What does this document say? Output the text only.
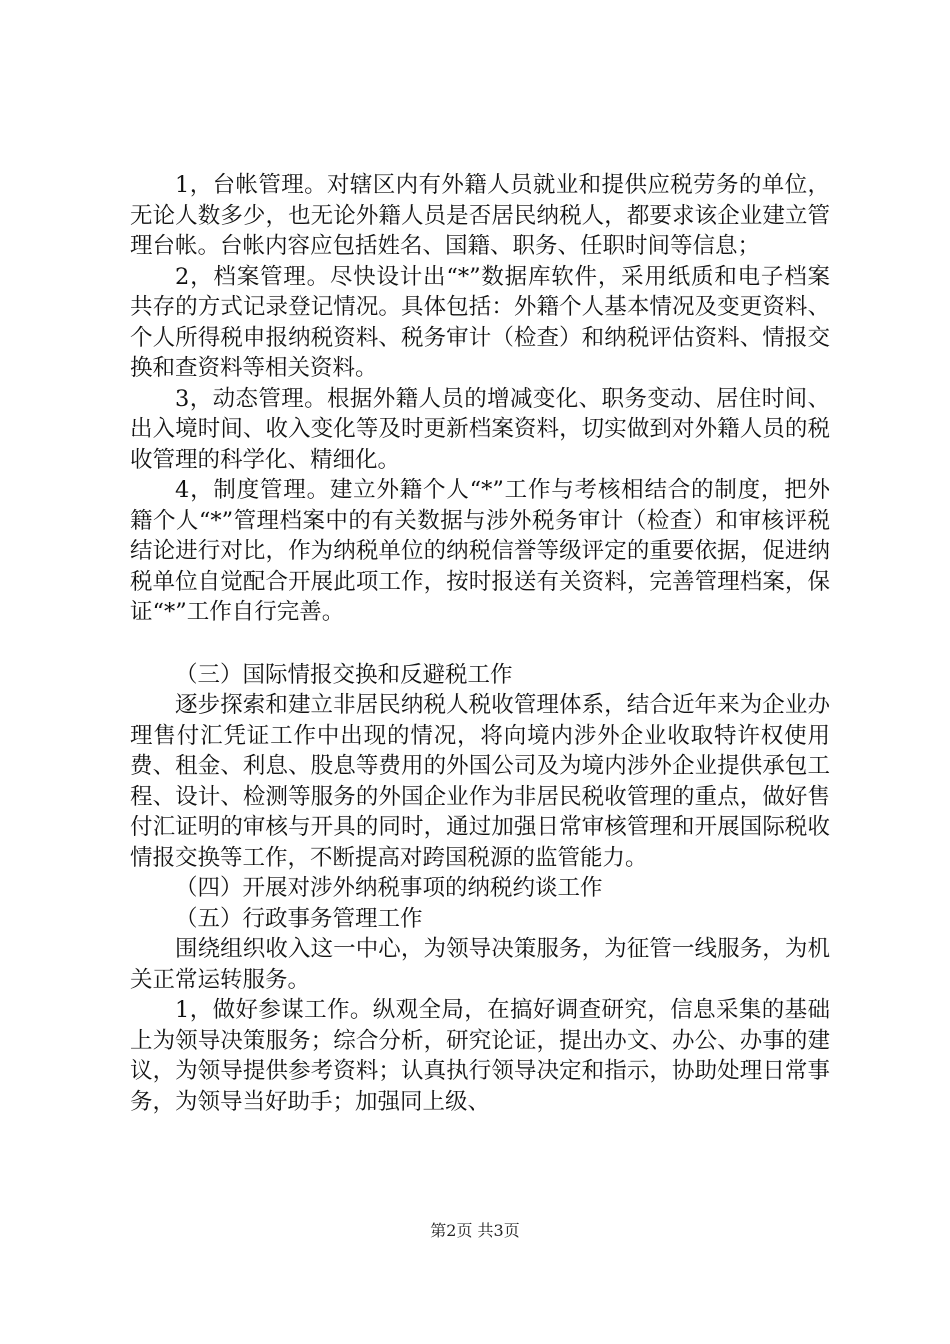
1，台帐管理。对辖区内有外籍人员就业和提供应税劳务的单位，无论人数多少，也无论外籍人员是否居民纳税人，都要求该企业建立管理台帐。台帐内容应包括姓名、国籍、职务、任职时间等信息；

2，档案管理。尽快设计出“*”数据库软件，采用纸质和电子档案共存的方式记录登记情况。具体包括：外籍个人基本情况及变更资料、个人所得税申报纳税资料、税务审计（检查）和纳税评估资料、情报交换和查资料等相关资料。

3，动态管理。根据外籍人员的增减变化、职务变动、居住时间、出入境时间、收入变化等及时更新档案资料，切实做到对外籍人员的税收管理的科学化、精细化。

4，制度管理。建立外籍个人“*”工作与考核相结合的制度，把外籍个人“*”管理档案中的有关数据与涉外税务审计（检查）和审核评税结论进行对比，作为纳税单位的纳税信誉等级评定的重要依据，促进纳税单位自觉配合开展此项工作，按时报送有关资料，完善管理档案，保证“*”工作自行完善。

（三）国际情报交换和反避税工作

逐步探索和建立非居民纳税人税收管理体系，结合近年来为企业办理售付汇凭证工作中出现的情况，将向境内涉外企业收取特许权使用费、租金、利息、股息等费用的外国公司及为境内涉外企业提供承包工程、设计、检测等服务的外国企业作为非居民税收管理的重点，做好售付汇证明的审核与开具的同时，通过加强日常审核管理和开展国际税收情报交换等工作，不断提高对跨国税源的监管能力。

（四）开展对涉外纳税事项的纳税约谈工作

（五）行政事务管理工作

围绕组织收入这一中心，为领导决策服务，为征管一线服务，为机关正常运转服务。

1，做好参谋工作。纵观全局，在搞好调查研究，信息采集的基础上为领导决策服务；综合分析，研究论证，提出办文、办公、办事的建议，为领导提供参考资料；认真执行领导决定和指示，协助处理日常事务，为领导当好助手；加强同上级、

第2页 共3页
